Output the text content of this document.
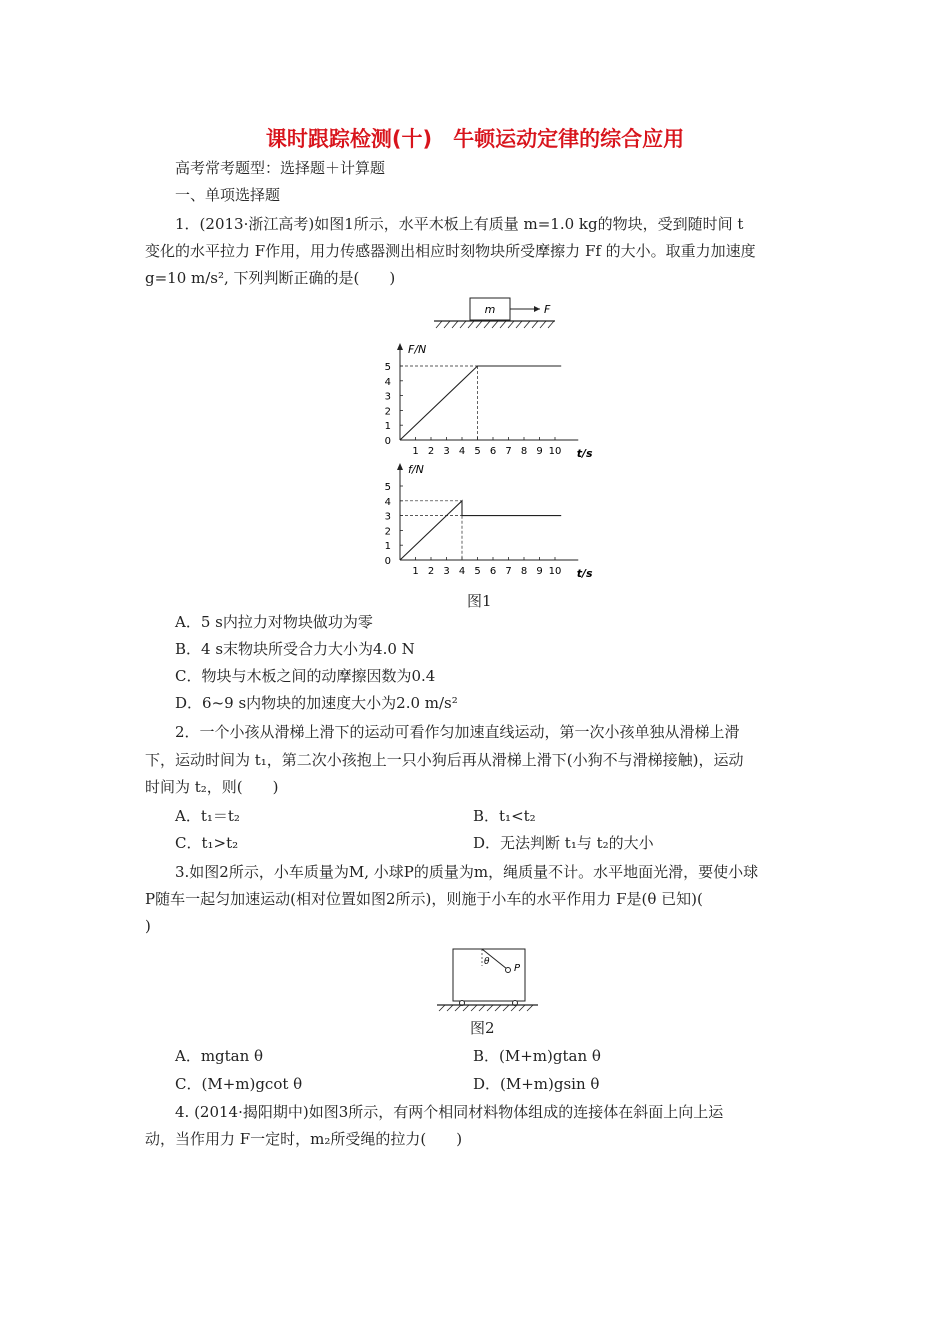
课时跟踪检测(十)　牛顿运动定律的综合应用
高考常考题型：选择题＋计算题
一、单项选择题
1．(2013·浙江高考)如图1所示，水平木板上有质量 m=1.0 kg的物块，受到随时间 t
变化的水平拉力 F作用，用力传感器测出相应时刻物块所受摩擦力 Ff 的大小。取重力加速度
g=10 m/s², 下列判断正确的是(　　)
m	F
F/N
t/s
1 2 3 4 5 6 7 8 9 10
0
1
2
3
4
5
f/N
t/s
1 2 3 4 5 6 7 8 9 10
0
1
2
3
4
5
图1
A．5 s内拉力对物块做功为零
B．4 s末物块所受合力大小为4.0 N
C．物块与木板之间的动摩擦因数为0.4
D．6~9 s内物块的加速度大小为2.0 m/s²
2．一个小孩从滑梯上滑下的运动可看作匀加速直线运动，第一次小孩单独从滑梯上滑
下，运动时间为 t₁，第二次小孩抱上一只小狗后再从滑梯上滑下(小狗不与滑梯接触)，运动
时间为 t₂，则(　　)
A．t₁＝t₂	B．t₁<t₂
C．t₁>t₂	D．无法判断 t₁与 t₂的大小
3.如图2所示，小车质量为M, 小球P的质量为m，绳质量不计。水平地面光滑，要使小球
P随车一起匀加速运动(相对位置如图2所示)，则施于小车的水平作用力 F是(θ 已知)(
)
θ
P
图2
A．mgtan θ	B．(M+m)gtan θ
C．(M+m)gcot θ	D．(M+m)gsin θ
4. (2014·揭阳期中)如图3所示，有两个相同材料物体组成的连接体在斜面上向上运
动，当作用力 F一定时，m₂所受绳的拉力(　　)
